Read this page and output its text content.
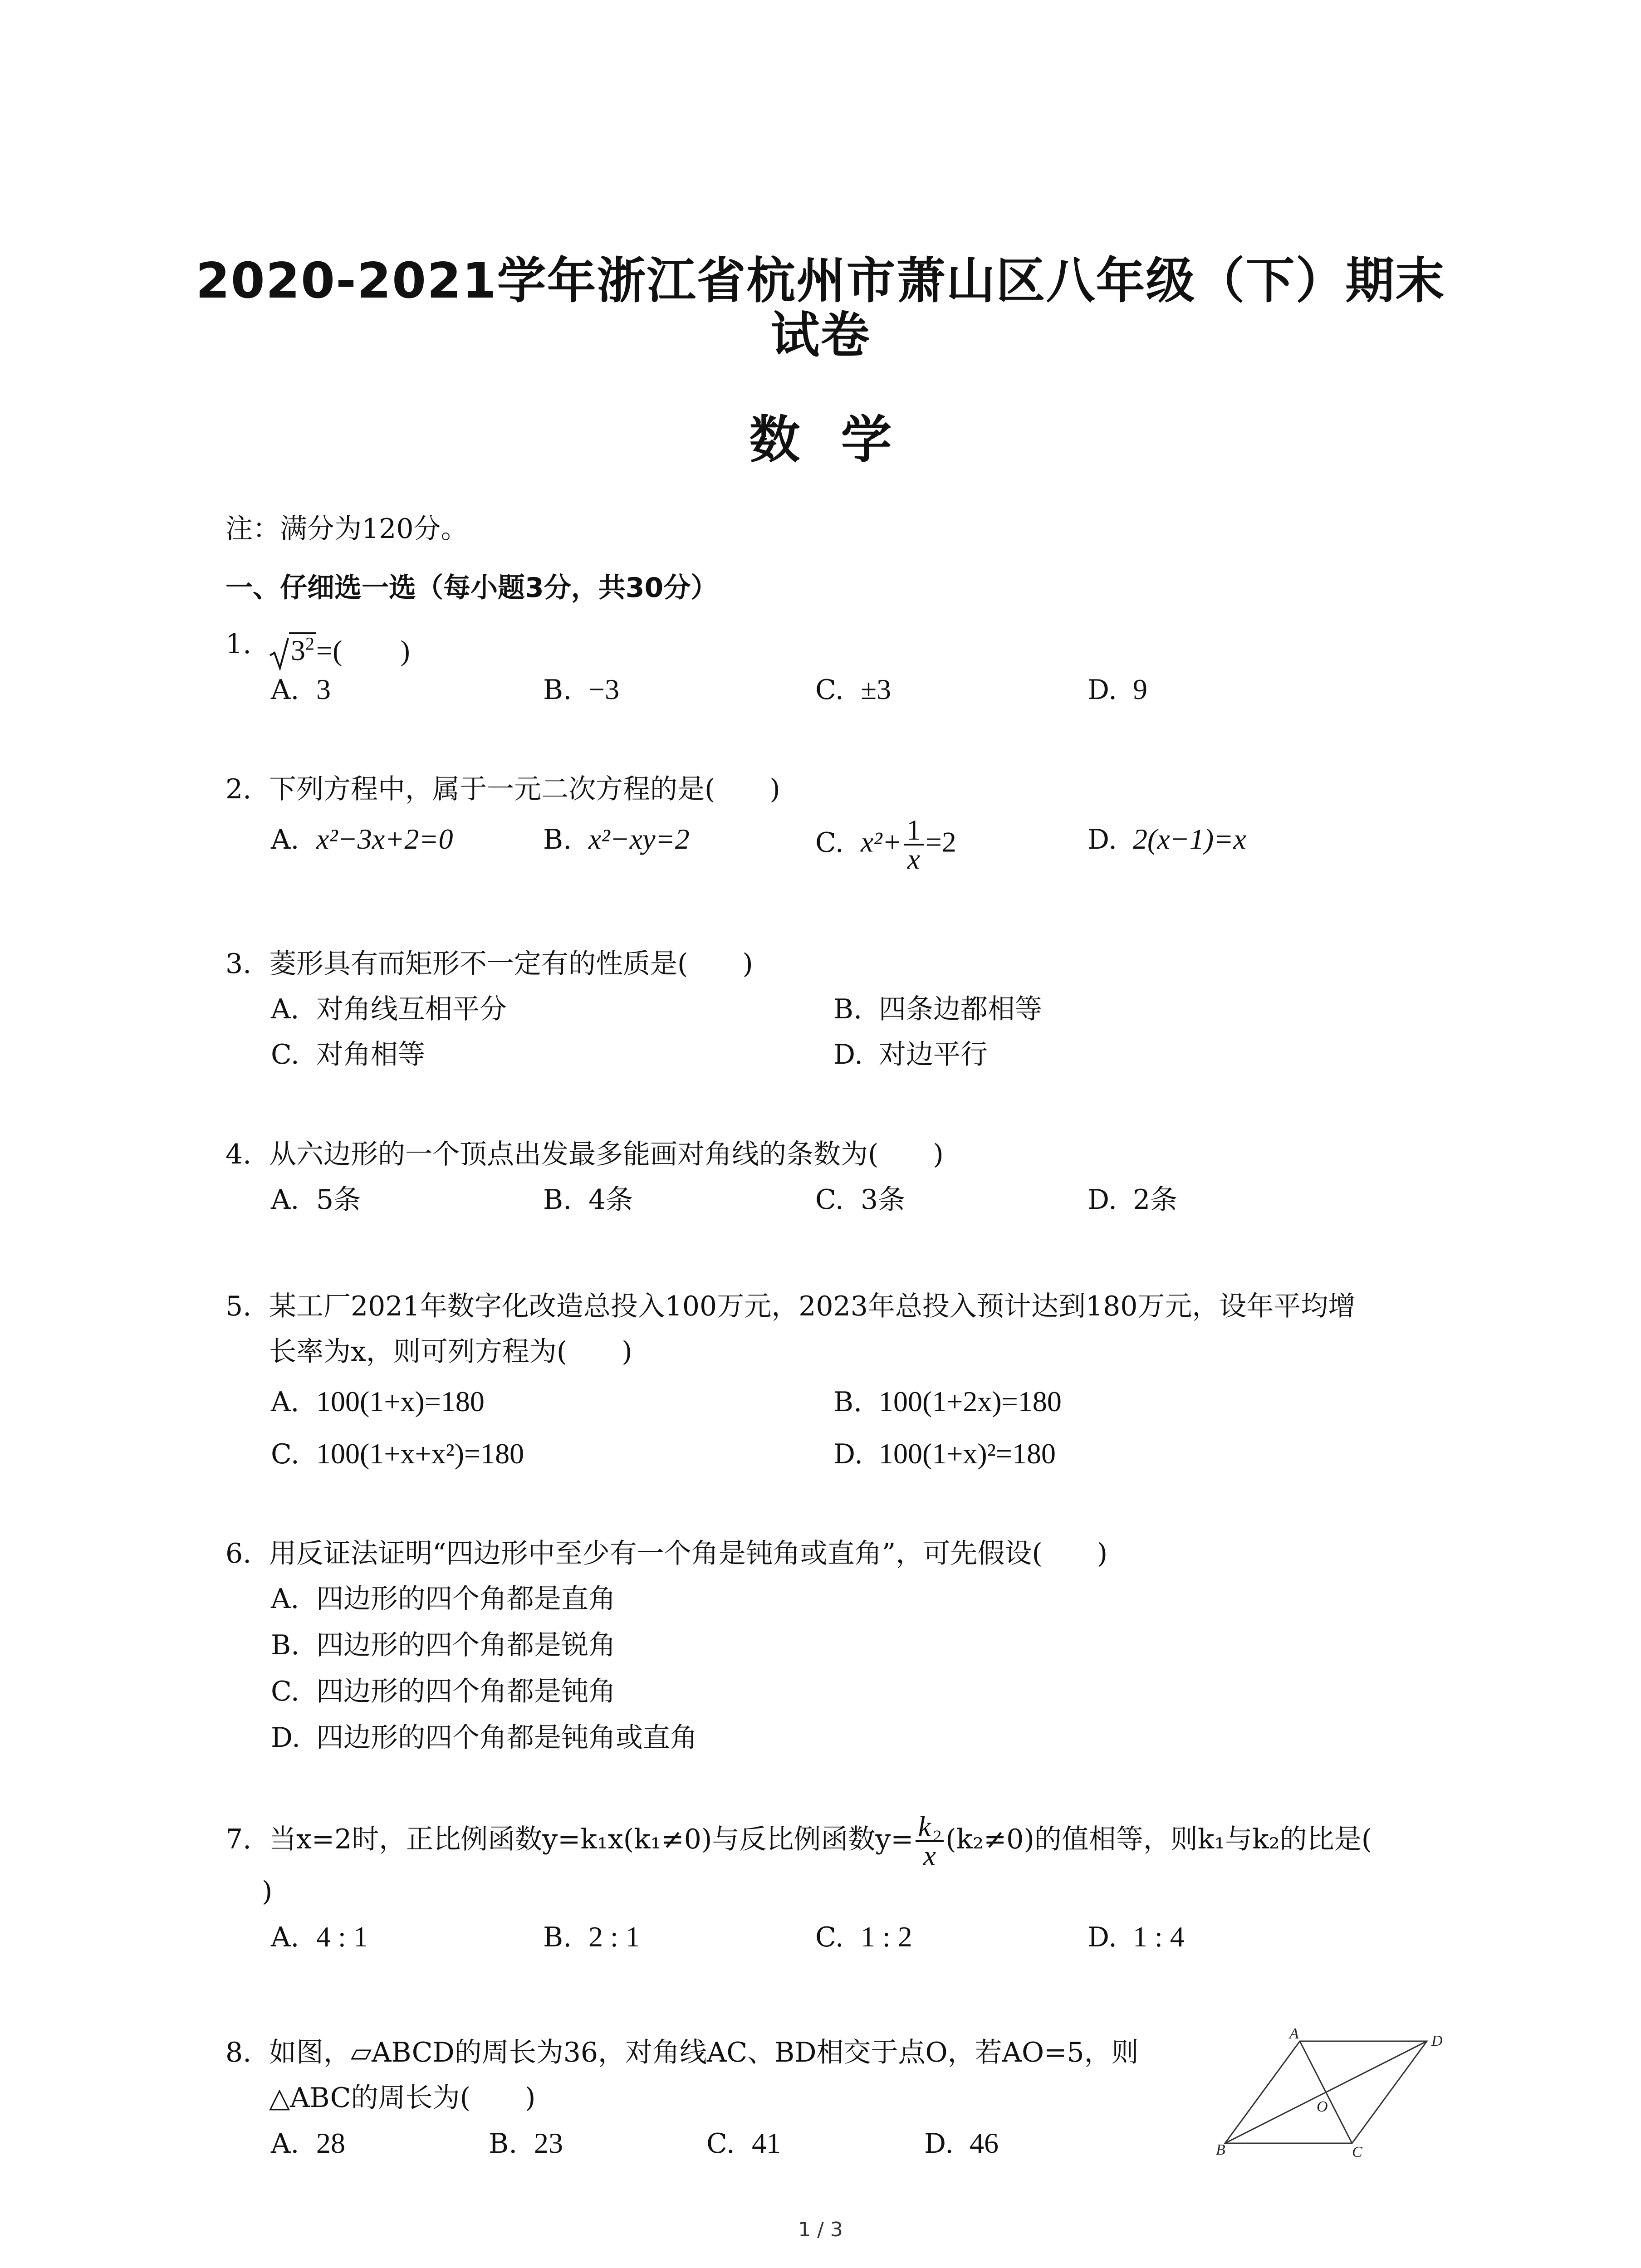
2020-2021学年浙江省杭州市萧山区八年级（下）期末
试卷
数学
注：满分为120分。
一、仔细选一选（每小题3分，共30分）
1.	$3^2=$(　　)
A. 3	B. −3	C. ±3	D. 9
2. 下列方程中，属于一元二次方程的是(　　)
A. x²−3x+2=0	B. x²−xy=2	C. $x^2+ \frac{1}{x} =2$	D. 2(x−1)=x
3. 菱形具有而矩形不一定有的性质是(　　)
A. 对角线互相平分	B. 四条边都相等
C. 对角相等	D. 对边平行
4. 从六边形的一个顶点出发最多能画对角线的条数为(　　)
A. 5条	B. 4条	C. 3条	D. 2条
5. 某工厂2021年数字化改造总投入100万元，2023年总投入预计达到180万元，设年平均增
长率为x，则可列方程为(　　)
A. 100(1+x)=180	B. 100(1+2x)=180
C. 100(1+x+x²)=180	D. 100(1+x)²=180
6. 用反证法证明“四边形中至少有一个角是钝角或直角”，可先假设(　　)
A. 四边形的四个角都是直角
B. 四边形的四个角都是锐角
C. 四边形的四个角都是钝角
D. 四边形的四个角都是钝角或直角
7. 当x=2时，正比例函数y=k₁x(k₁≠0)与反比例函数$y= \frac{\text{k₂}}{x} (k_2\ne 0)$的值相等，则k₁与k₂的比是(
)
A. 4 : 1	B. 2 : 1	C. 1 : 2	D. 1 : 4
8. 如图，▱ABCD的周长为36，对角线AC、BD相交于点O，若AO=5，则
△ABC的周长为(　　)
A. 28	B. 23	C. 41	D. 46
A
B	C
D
O
1 / 3
